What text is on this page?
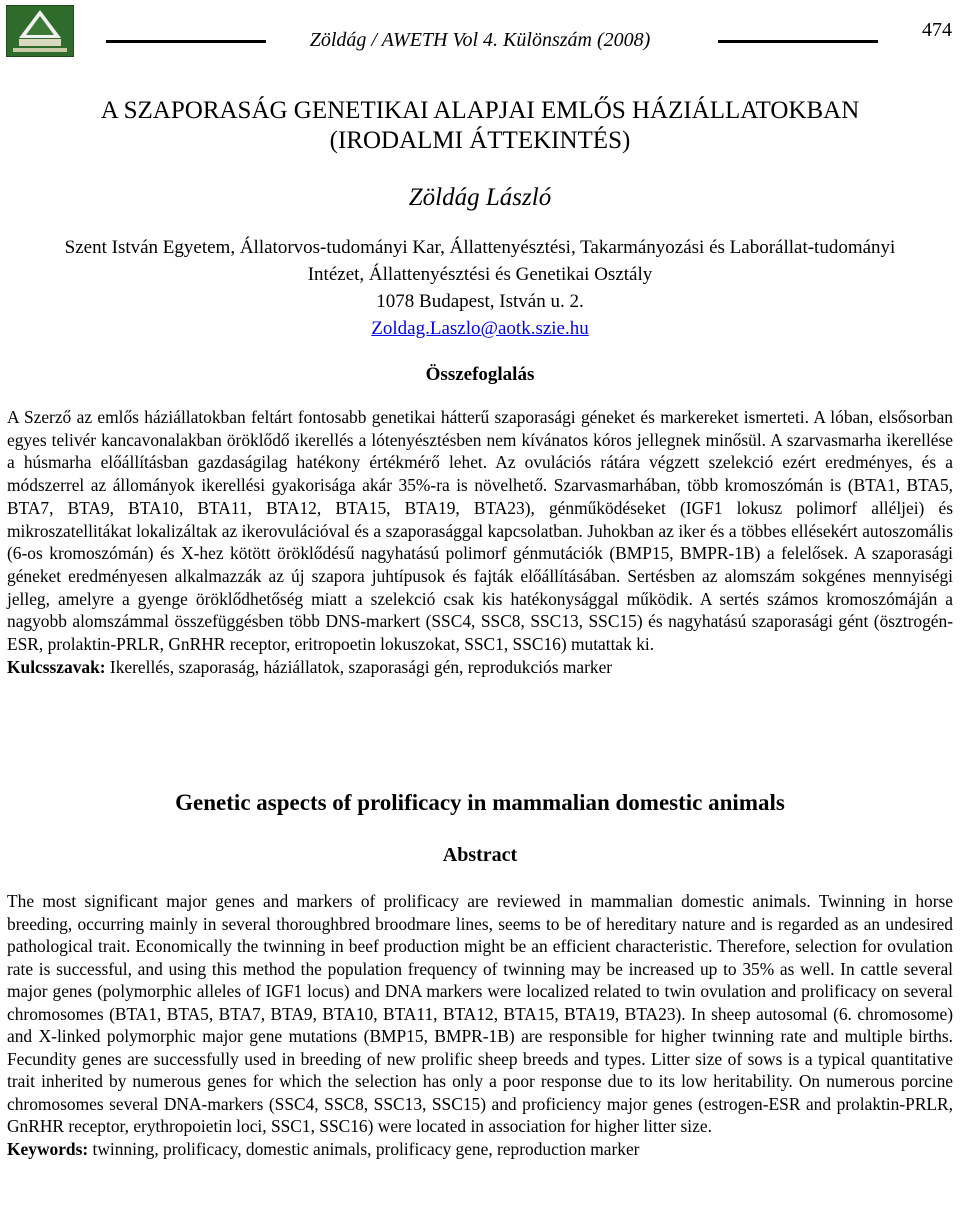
Zöldág / AWETH Vol 4. Különszám (2008)	474
A SZAPORASÁG GENETIKAI ALAPJAI EMLŐS HÁZIÁLLATOKBAN
(IRODALMI ÁTTEKINTÉS)
Zöldág László
Szent István Egyetem, Állatorvos-tudományi Kar, Állattenyésztési, Takarmányozási és Laborállat-tudományi
Intézet, Állattenyésztési és Genetikai Osztály
1078 Budapest, István u. 2.
Zoldag.Laszlo@aotk.szie.hu
Összefoglalás

A Szerző az emlős háziállatokban feltárt fontosabb genetikai hátterű szaporasági géneket és markereket ismerteti. A lóban, elsősorban egyes telivér kancavonalakban öröklődő ikerellés a lótenyésztésben nem kívánatos kóros jellegnek minősül. A szarvasmarha ikerellése a húsmarha előállításban gazdaságilag hatékony értékmérő lehet. Az ovulációs rátára végzett szelekció ezért eredményes, és a módszerrel az állományok ikerellési gyakorisága akár 35%-ra is növelhető. Szarvasmarhában, több kromoszómán is (BTA1, BTA5, BTA7, BTA9, BTA10, BTA11, BTA12, BTA15, BTA19, BTA23), génműködéseket (IGF1 lokusz polimorf alléljei) és mikroszatellitákat lokalizáltak az ikerovulációval és a szaporasággal kapcsolatban. Juhokban az iker és a többes ellésekért autoszomális (6-os kromoszómán) és X-hez kötött öröklődésű nagyhatású polimorf génmutációk (BMP15, BMPR-1B) a felelősek. A szaporasági géneket eredményesen alkalmazzák az új szapora juhtípusok és fajták előállításában. Sertésben az alomszám sokgénes mennyiségi jelleg, amelyre a gyenge öröklődhetőség miatt a szelekció csak kis hatékonysággal működik. A sertés számos kromoszómáján a nagyobb alomszámmal összefüggésben több DNS-markert (SSC4, SSC8, SSC13, SSC15) és nagyhatású szaporasági gént (ösztrogén-ESR, prolaktin-PRLR, GnRHR receptor, eritropoetin lokuszokat, SSC1, SSC16) mutattak ki.

Kulcsszavak: Ikerellés, szaporaság, háziállatok, szaporasági gén, reprodukciós marker

Genetic aspects of prolificacy in mammalian domestic animals
Abstract

The most significant major genes and markers of prolificacy are reviewed in mammalian domestic animals. Twinning in horse breeding, occurring mainly in several thoroughbred broodmare lines, seems to be of hereditary nature and is regarded as an undesired pathological trait. Economically the twinning in beef production might be an efficient characteristic. Therefore, selection for ovulation rate is successful, and using this method the population frequency of twinning may be increased up to 35% as well. In cattle several major genes (polymorphic alleles of IGF1 locus) and DNA markers were localized related to twin ovulation and prolificacy on several chromosomes (BTA1, BTA5, BTA7, BTA9, BTA10, BTA11, BTA12, BTA15, BTA19, BTA23). In sheep autosomal (6. chromosome) and X-linked polymorphic major gene mutations (BMP15, BMPR-1B) are responsible for higher twinning rate and multiple births. Fecundity genes are successfully used in breeding of new prolific sheep breeds and types. Litter size of sows is a typical quantitative trait inherited by numerous genes for which the selection has only a poor response due to its low heritability. On numerous porcine chromosomes several DNA-markers (SSC4, SSC8, SSC13, SSC15) and proficiency major genes (estrogen-ESR and prolaktin-PRLR, GnRHR receptor, erythropoietin loci, SSC1, SSC16) were located in association for higher litter size.

Keywords: twinning, prolificacy, domestic animals, prolificacy gene, reproduction marker
